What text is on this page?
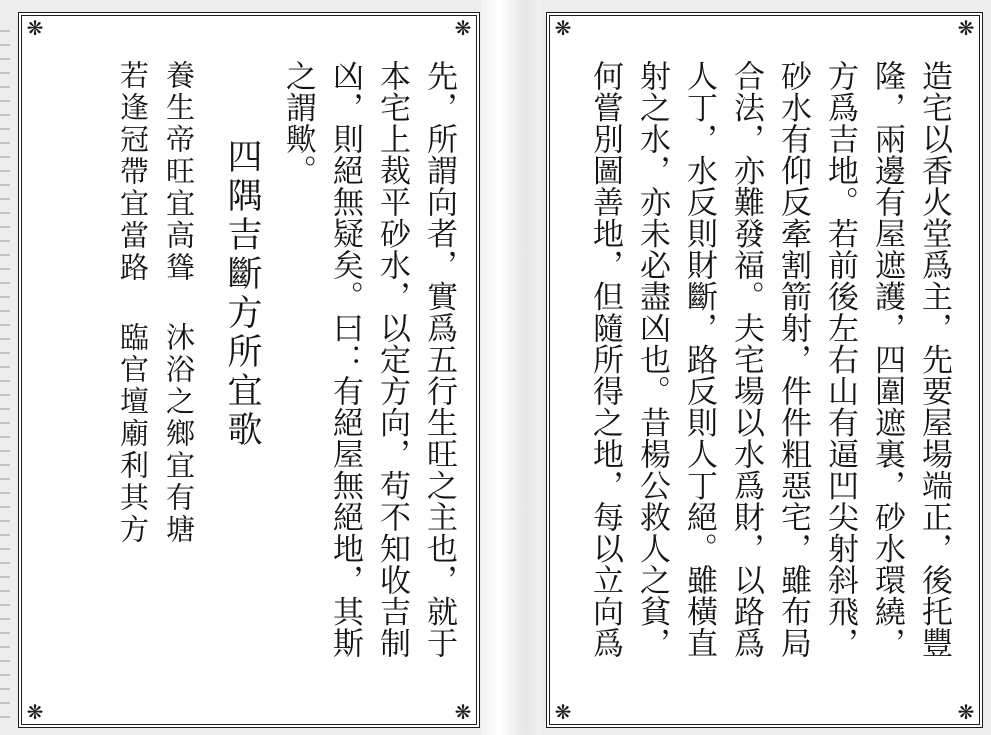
❋	❋
❋	❋
先，所謂向者，實爲五行生旺之主也，就于
本宅上裁平砂水，以定方向，苟不知收吉制
凶，則絕無疑矣。曰：有絕屋無絕地，其斯
之謂歟。
四隅吉斷方所宜歌
養生帝旺宜高聳沐浴之鄉宜有塘
若逢冠帶宜當路臨官壇廟利其方
❋	❋
❋	❋
造宅以香火堂爲主，先要屋場端正，後托豐
隆，兩邊有屋遮護，四圍遮裏，砂水環繞，
方爲吉地。若前後左右山有逼凹尖射斜飛，
砂水有仰反牽割箭射，件件粗惡宅，雖布局
合法，亦難發福。夫宅場以水爲財，以路爲
人丁，水反則財斷，路反則人丁絕。雖橫直
射之水，亦未必盡凶也。昔楊公救人之貧，
何嘗別圖善地，但隨所得之地，每以立向爲
